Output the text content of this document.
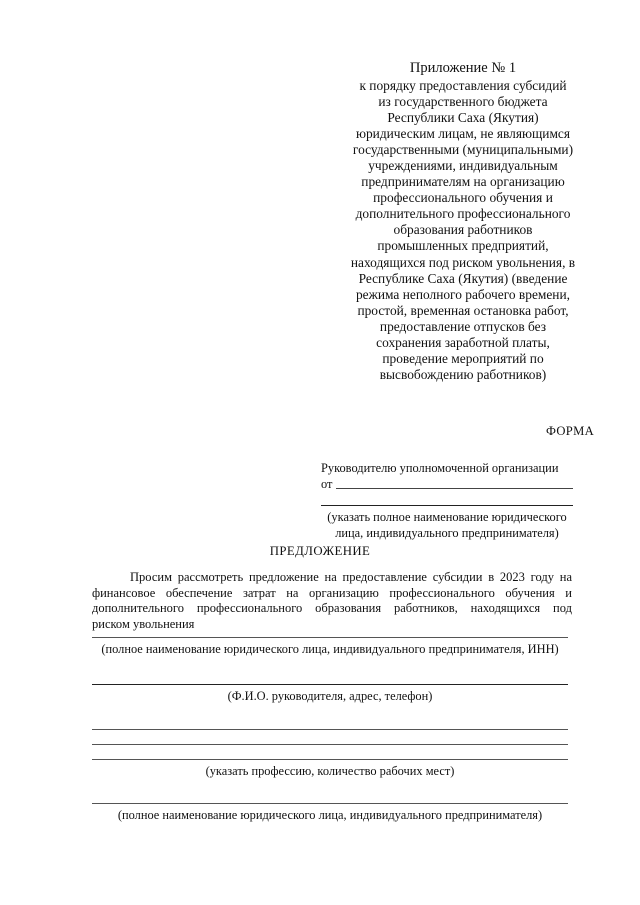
Приложение № 1
к порядку предоставления субсидий
из государственного бюджета
Республики Саха (Якутия)
юридическим лицам, не являющимся
государственными (муниципальными)
учреждениями, индивидуальным
предпринимателям на организацию
профессионального обучения и
дополнительного профессионального
образования работников
промышленных предприятий,
находящихся под риском увольнения, в
Республике Саха (Якутия) (введение
режима неполного рабочего времени,
простой, временная остановка работ,
предоставление отпусков без
сохранения заработной платы,
проведение мероприятий по
высвобождению работников)
ФОРМА
Руководителю уполномоченной организации
от
(указать полное наименование юридического
лица, индивидуального предпринимателя)
ПРЕДЛОЖЕНИЕ
Просим рассмотреть предложение на предоставление субсидии в 2023 году на
финансовое обеспечение затрат на организацию профессионального обучения и
дополнительного профессионального образования работников, находящихся под
риском увольнения
(полное наименование юридического лица, индивидуального предпринимателя, ИНН)
(Ф.И.О. руководителя, адрес, телефон)
(указать профессию, количество рабочих мест)
(полное наименование юридического лица, индивидуального предпринимателя)
